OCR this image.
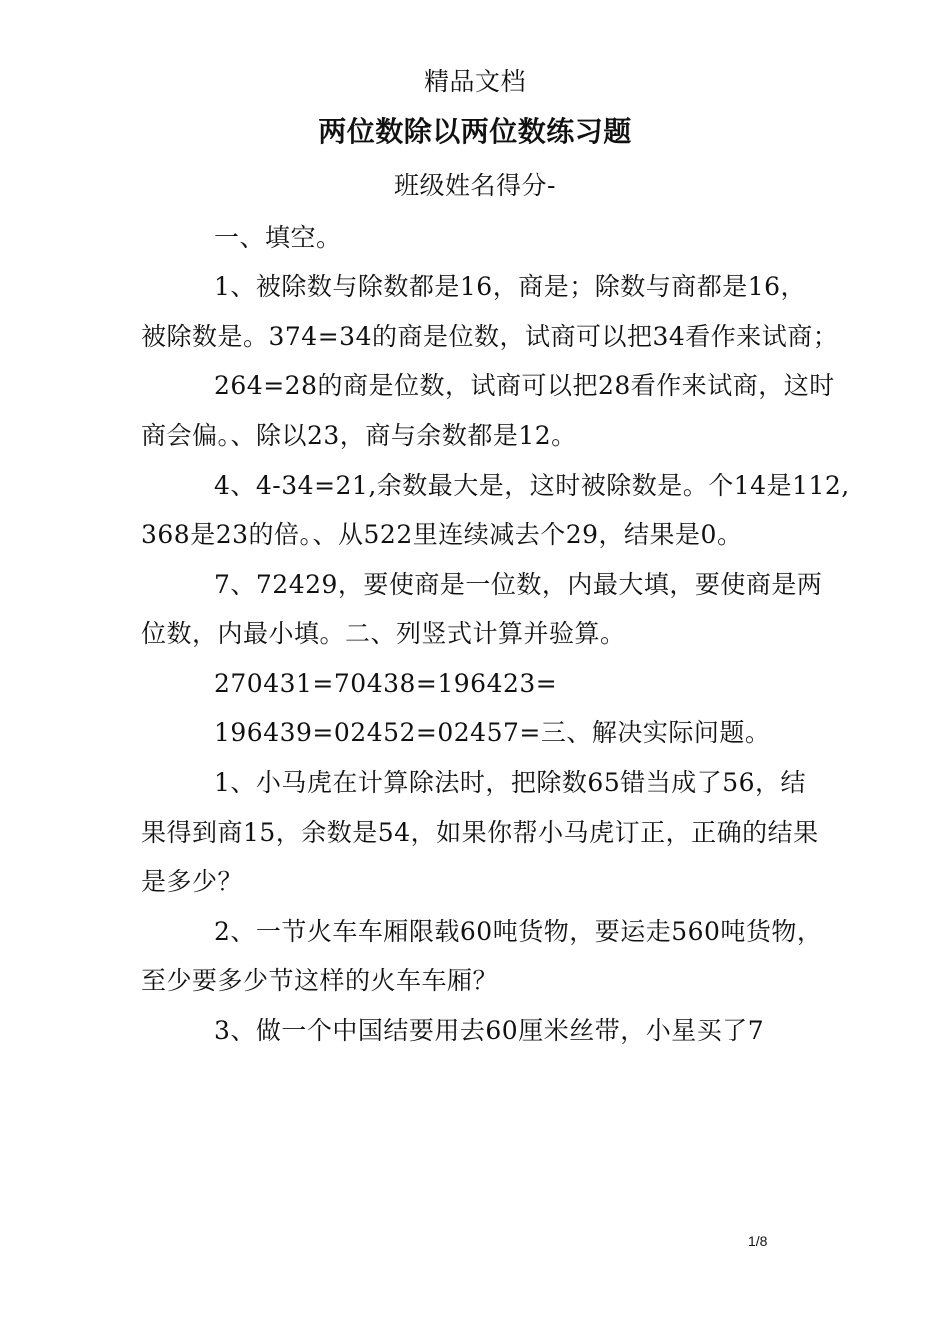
精品文档
两位数除以两位数练习题
班级姓名得分-
一、填空。
1、被除数与除数都是16，商是；除数与商都是16，
被除数是。374=34的商是位数，试商可以把34看作来试商；
264=28的商是位数，试商可以把28看作来试商，这时
商会偏。、除以23，商与余数都是12。
4、4-34=21,余数最大是，这时被除数是。个14是112,
368是23的倍。、从522里连续减去个29，结果是0。
7、72429，要使商是一位数，内最大填，要使商是两
位数，内最小填。二、列竖式计算并验算。
270431=70438=196423=
196439=02452=02457=三、解决实际问题。
1、小马虎在计算除法时，把除数65错当成了56，结
果得到商15，余数是54，如果你帮小马虎订正，正确的结果
是多少？
2、一节火车车厢限载60吨货物，要运走560吨货物，
至少要多少节这样的火车车厢？
3、做一个中国结要用去60厘米丝带，小星买了7
1/8
